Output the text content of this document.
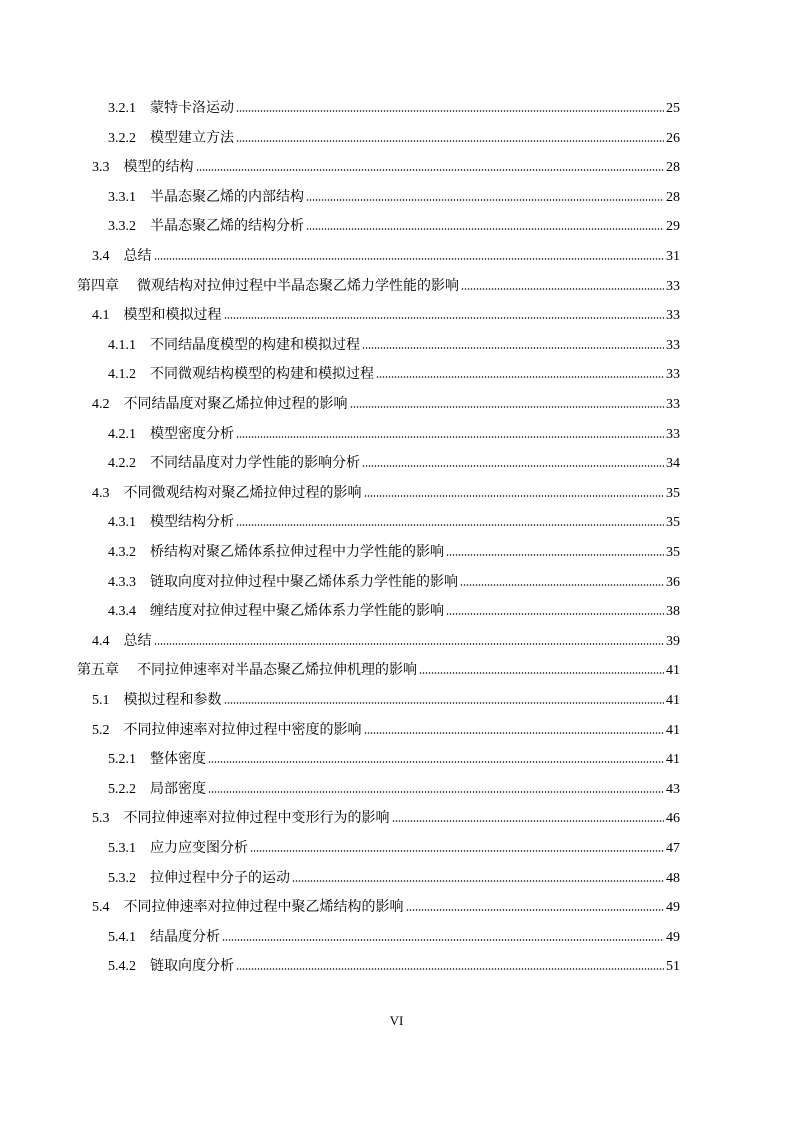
3.2.1 蒙特卡洛运动	25
3.2.2 模型建立方法	26
3.3 模型的结构	28
3.3.1 半晶态聚乙烯的内部结构	28
3.3.2 半晶态聚乙烯的结构分析	29
3.4 总结	31
第四章 微观结构对拉伸过程中半晶态聚乙烯力学性能的影响	33
4.1 模型和模拟过程	33
4.1.1 不同结晶度模型的构建和模拟过程	33
4.1.2 不同微观结构模型的构建和模拟过程	33
4.2 不同结晶度对聚乙烯拉伸过程的影响	33
4.2.1 模型密度分析	33
4.2.2 不同结晶度对力学性能的影响分析	34
4.3 不同微观结构对聚乙烯拉伸过程的影响	35
4.3.1 模型结构分析	35
4.3.2 桥结构对聚乙烯体系拉伸过程中力学性能的影响	35
4.3.3 链取向度对拉伸过程中聚乙烯体系力学性能的影响	36
4.3.4 缠结度对拉伸过程中聚乙烯体系力学性能的影响	38
4.4 总结	39
第五章 不同拉伸速率对半晶态聚乙烯拉伸机理的影响	41
5.1 模拟过程和参数	41
5.2 不同拉伸速率对拉伸过程中密度的影响	41
5.2.1 整体密度	41
5.2.2 局部密度	43
5.3 不同拉伸速率对拉伸过程中变形行为的影响	46
5.3.1 应力应变图分析	47
5.3.2 拉伸过程中分子的运动	48
5.4 不同拉伸速率对拉伸过程中聚乙烯结构的影响	49
5.4.1 结晶度分析	49
5.4.2 链取向度分析	51
VI
